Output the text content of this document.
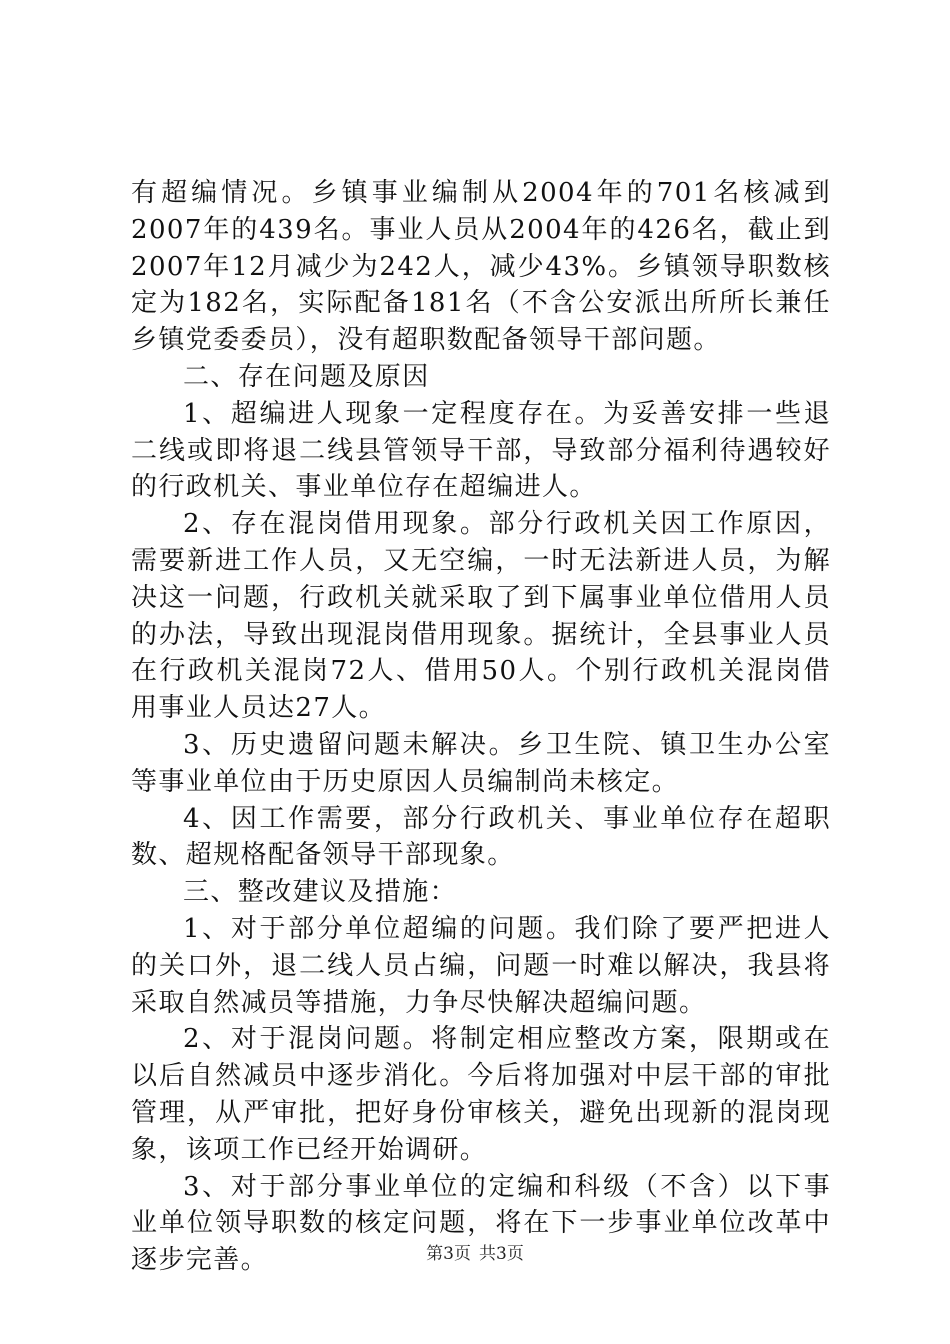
有超编情况。乡镇事业编制从2004年的701名核减到2007年的439名。事业人员从2004年的426名，截止到2007年12月减少为242人，减少43%。乡镇领导职数核定为182名，实际配备181名（不含公安派出所所长兼任乡镇党委委员），没有超职数配备领导干部问题。

二、存在问题及原因

1、超编进人现象一定程度存在。为妥善安排一些退二线或即将退二线县管领导干部，导致部分福利待遇较好的行政机关、事业单位存在超编进人。

2、存在混岗借用现象。部分行政机关因工作原因，需要新进工作人员，又无空编，一时无法新进人员，为解决这一问题，行政机关就采取了到下属事业单位借用人员的办法，导致出现混岗借用现象。据统计，全县事业人员在行政机关混岗72人、借用50人。个别行政机关混岗借用事业人员达27人。

3、历史遗留问题未解决。乡卫生院、镇卫生办公室等事业单位由于历史原因人员编制尚未核定。

4、因工作需要，部分行政机关、事业单位存在超职数、超规格配备领导干部现象。

三、整改建议及措施：

1、对于部分单位超编的问题。我们除了要严把进人的关口外，退二线人员占编，问题一时难以解决，我县将采取自然减员等措施，力争尽快解决超编问题。

2、对于混岗问题。将制定相应整改方案，限期或在以后自然减员中逐步消化。今后将加强对中层干部的审批管理，从严审批，把好身份审核关，避免出现新的混岗现象，该项工作已经开始调研。

3、对于部分事业单位的定编和科级（不含）以下事业单位领导职数的核定问题，将在下一步事业单位改革中逐步完善。	第3页 共3页
